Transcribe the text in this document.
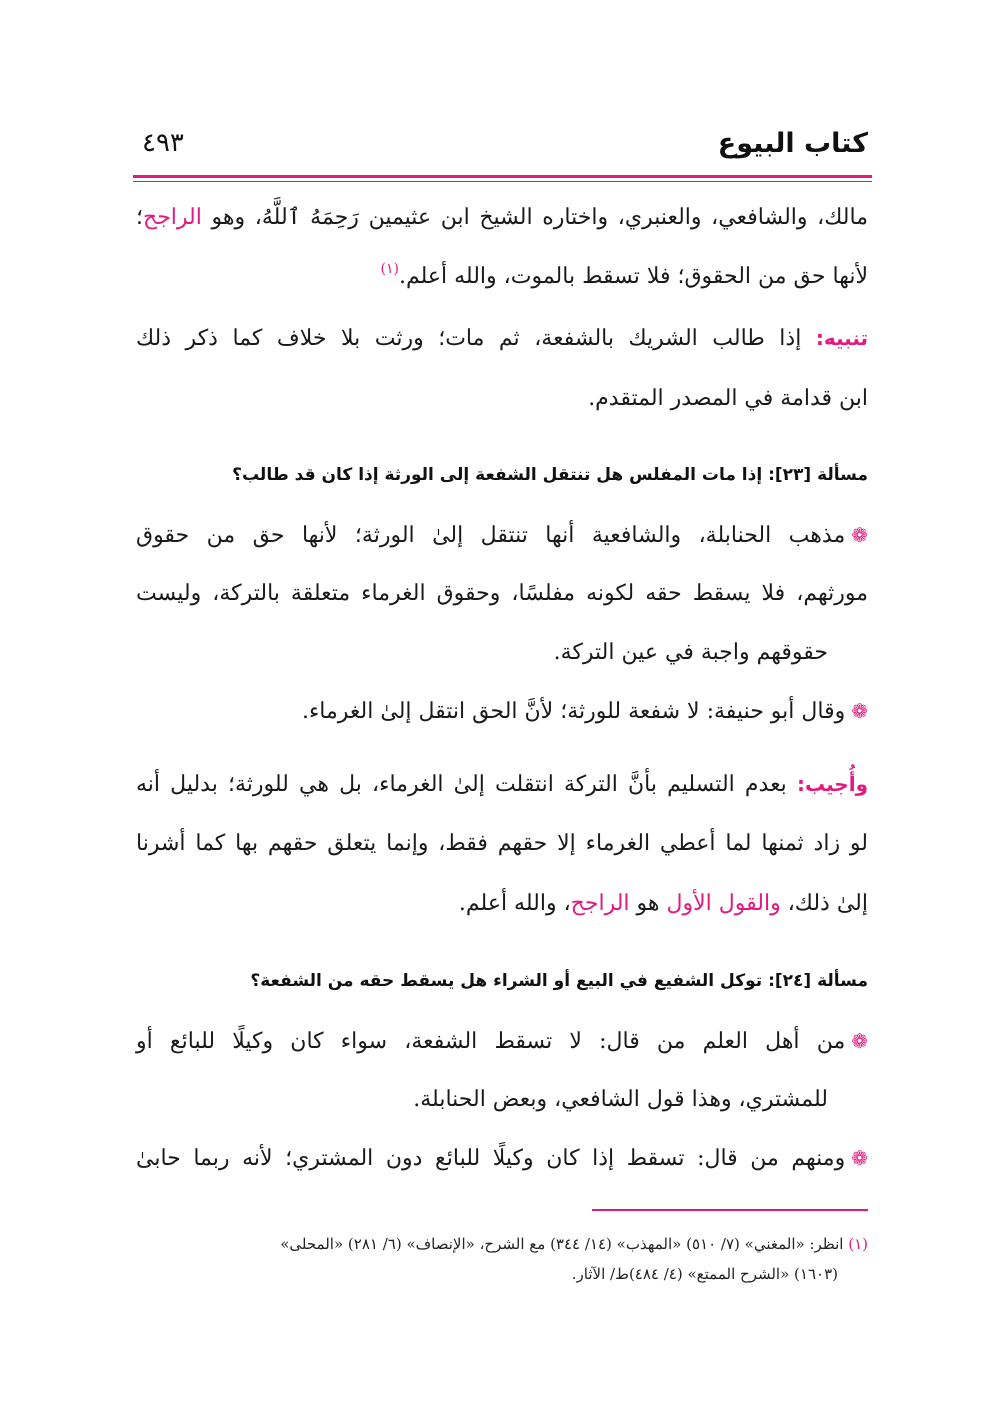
كتاب البيوع
٤٩٣
مالك، والشافعي، والعنبري، واختاره الشيخ ابن عثيمين رَحِمَهُ ٱللَّهُ، وهو الراجح؛
لأنها حق من الحقوق؛ فلا تسقط بالموت، والله أعلم.$^{(١)}$
تنبيه: إذا طالب الشريك بالشفعة، ثم مات؛ ورثت بلا خلاف كما ذكر ذلك
ابن قدامة في المصدر المتقدم.
مسألة [٢٣]: إذا مات المفلس هل تنتقل الشفعة إلى الورثة إذا كان قد طالب؟
❁مذهب الحنابلة، والشافعية أنها تنتقل إلىٰ الورثة؛ لأنها حق من حقوق
مورثهم، فلا يسقط حقه لكونه مفلسًا، وحقوق الغرماء متعلقة بالتركة، وليست
حقوقهم واجبة في عين التركة.
❁وقال أبو حنيفة: لا شفعة للورثة؛ لأنَّ الحق انتقل إلىٰ الغرماء.
وأُجيب: بعدم التسليم بأنَّ التركة انتقلت إلىٰ الغرماء، بل هي للورثة؛ بدليل أنه
لو زاد ثمنها لما أعطي الغرماء إلا حقهم فقط، وإنما يتعلق حقهم بها كما أشرنا
إلىٰ ذلك، والقول الأول هو الراجح، والله أعلم.
مسألة [٢٤]: توكل الشفيع في البيع أو الشراء هل يسقط حقه من الشفعة؟
❁من أهل العلم من قال: لا تسقط الشفعة، سواء كان وكيلًا للبائع أو
للمشتري، وهذا قول الشافعي، وبعض الحنابلة.
❁ومنهم من قال: تسقط إذا كان وكيلًا للبائع دون المشتري؛ لأنه ربما حابىٰ
(١) انظر: «المغني» (٧/ ٥١٠) «المهذب» (١٤/ ٣٤٤) مع الشرح، «الإنصاف» (٦/ ٢٨١) «المحلى»
(١٦٠٣) «الشرح الممتع» (٤/ ٤٨٤)ط/ الآثار.
